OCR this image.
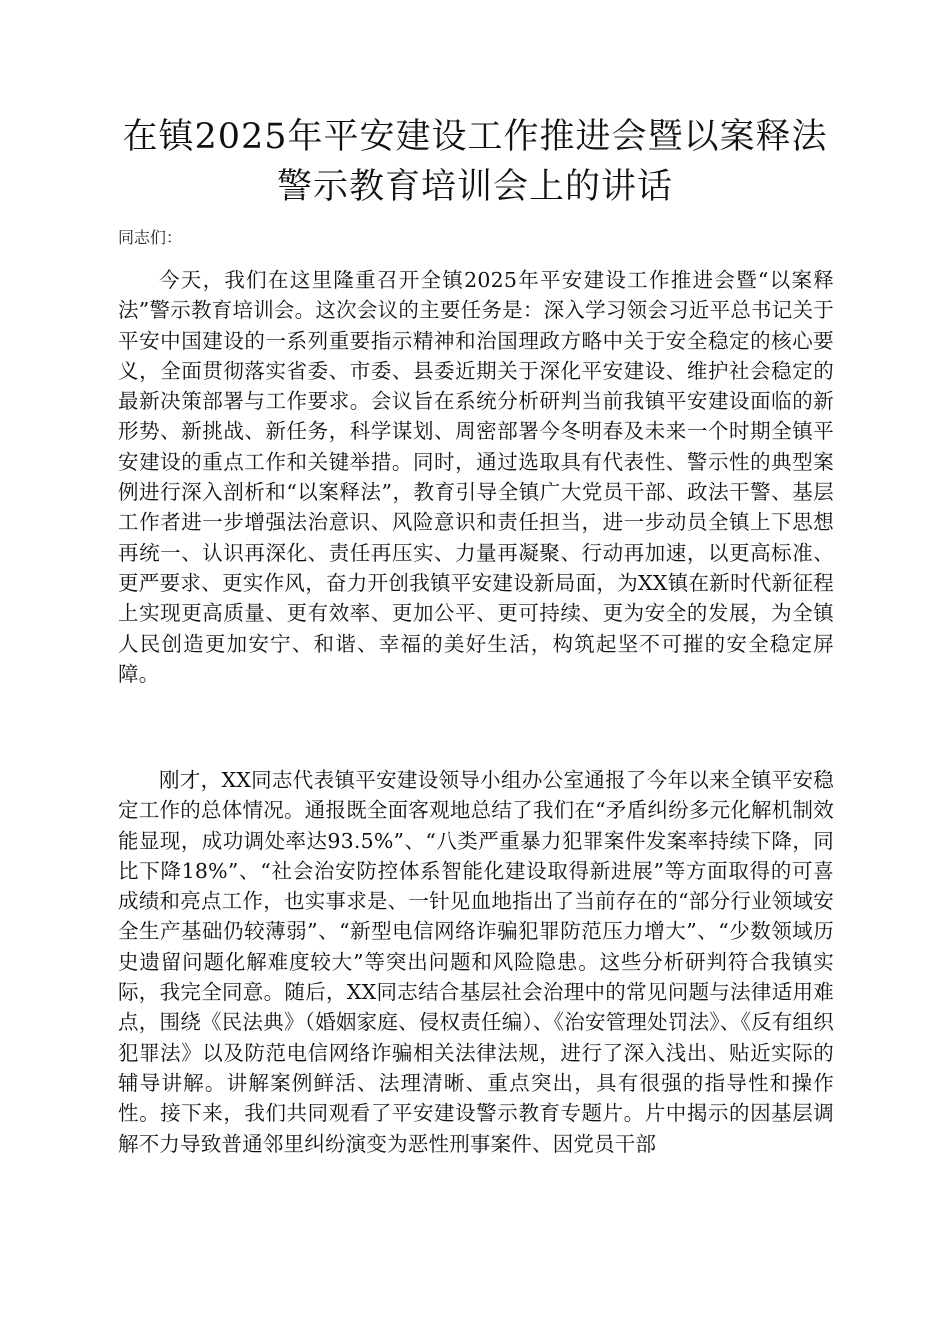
在镇2025年平安建设工作推进会暨以案释法警示教育培训会上的讲话

同志们：

今天，我们在这里隆重召开全镇2025年平安建设工作推进会暨“以案释法”警示教育培训会。这次会议的主要任务是：深入学习领会习近平总书记关于平安中国建设的一系列重要指示精神和治国理政方略中关于安全稳定的核心要义，全面贯彻落实省委、市委、县委近期关于深化平安建设、维护社会稳定的最新决策部署与工作要求。会议旨在系统分析研判当前我镇平安建设面临的新形势、新挑战、新任务，科学谋划、周密部署今冬明春及未来一个时期全镇平安建设的重点工作和关键举措。同时，通过选取具有代表性、警示性的典型案例进行深入剖析和“以案释法”，教育引导全镇广大党员干部、政法干警、基层工作者进一步增强法治意识、风险意识和责任担当，进一步动员全镇上下思想再统一、认识再深化、责任再压实、力量再凝聚、行动再加速，以更高标准、更严要求、更实作风，奋力开创我镇平安建设新局面，为XX镇在新时代新征程上实现更高质量、更有效率、更加公平、更可持续、更为安全的发展，为全镇人民创造更加安宁、和谐、幸福的美好生活，构筑起坚不可摧的安全稳定屏障。

刚才，XX同志代表镇平安建设领导小组办公室通报了今年以来全镇平安稳定工作的总体情况。通报既全面客观地总结了我们在“矛盾纠纷多元化解机制效能显现，成功调处率达93.5%”、“八类严重暴力犯罪案件发案率持续下降，同比下降18%”、“社会治安防控体系智能化建设取得新进展”等方面取得的可喜成绩和亮点工作，也实事求是、一针见血地指出了当前存在的“部分行业领域安全生产基础仍较薄弱”、“新型电信网络诈骗犯罪防范压力增大”、“少数领域历史遗留问题化解难度较大”等突出问题和风险隐患。这些分析研判符合我镇实际，我完全同意。随后，XX同志结合基层社会治理中的常见问题与法律适用难点，围绕《民法典》（婚姻家庭、侵权责任编）、《治安管理处罚法》、《反有组织犯罪法》以及防范电信网络诈骗相关法律法规，进行了深入浅出、贴近实际的辅导讲解。讲解案例鲜活、法理清晰、重点突出，具有很强的指导性和操作性。接下来，我们共同观看了平安建设警示教育专题片。片中揭示的因基层调解不力导致普通邻里纠纷演变为恶性刑事案件、因党员干部
